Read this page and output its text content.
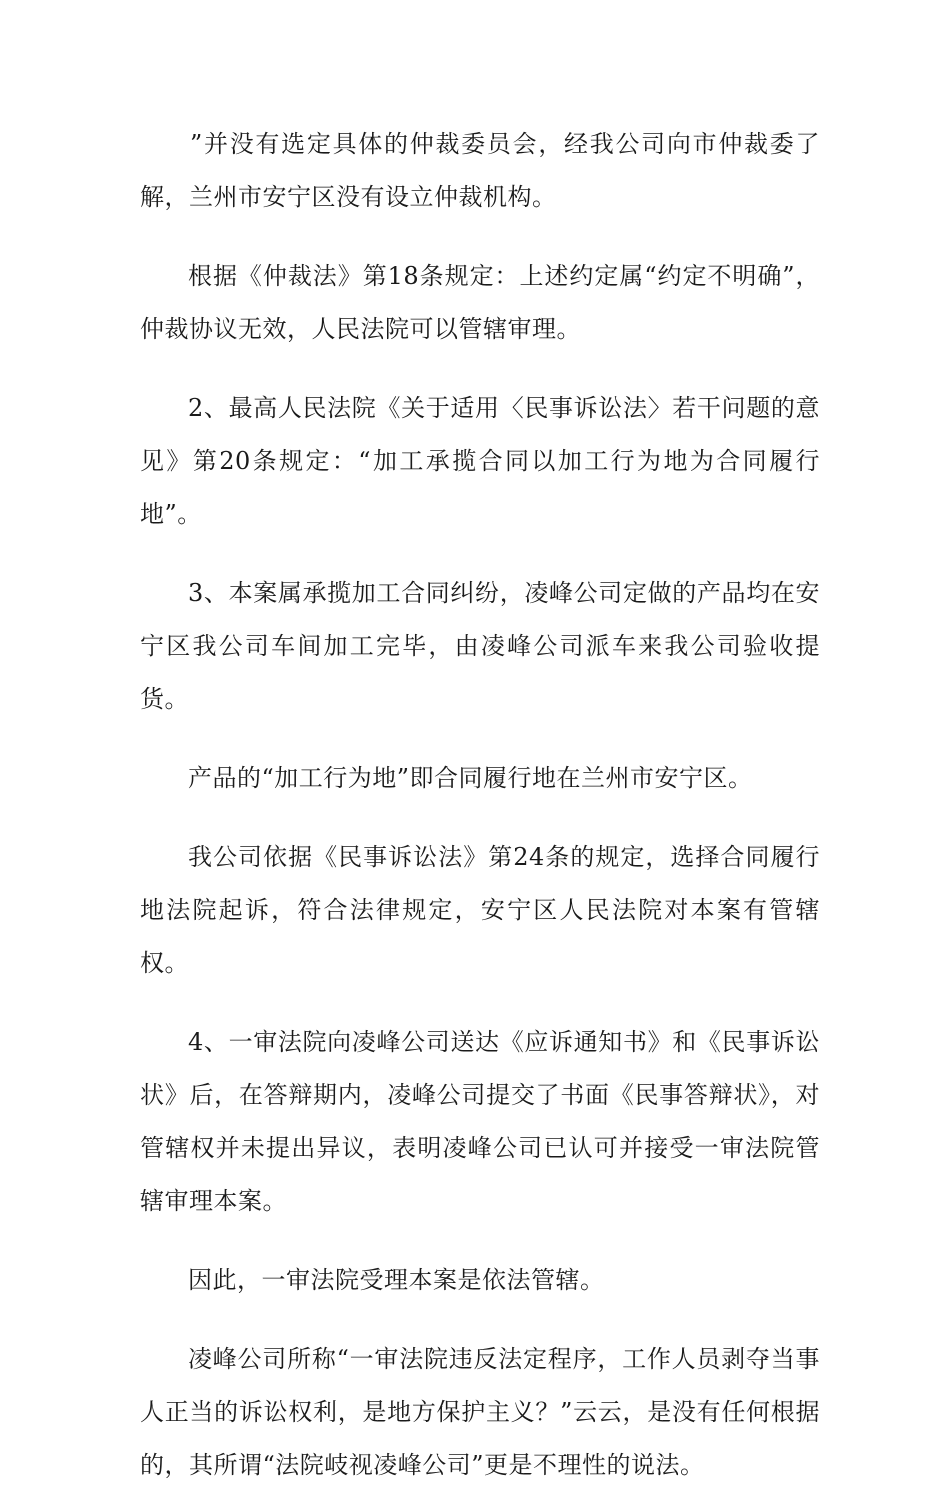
”并没有选定具体的仲裁委员会，经我公司向市仲裁委了解，兰州市安宁区没有设立仲裁机构。

根据《仲裁法》第18条规定：上述约定属“约定不明确”，仲裁协议无效，人民法院可以管辖审理。

2、最高人民法院《关于适用〈民事诉讼法〉若干问题的意见》第20条规定：“加工承揽合同以加工行为地为合同履行地”。

3、本案属承揽加工合同纠纷，凌峰公司定做的产品均在安宁区我公司车间加工完毕，由凌峰公司派车来我公司验收提货。

产品的“加工行为地”即合同履行地在兰州市安宁区。

我公司依据《民事诉讼法》第24条的规定，选择合同履行地法院起诉，符合法律规定，安宁区人民法院对本案有管辖权。

4、一审法院向凌峰公司送达《应诉通知书》和《民事诉讼状》后，在答辩期内，凌峰公司提交了书面《民事答辩状》，对管辖权并未提出异议，表明凌峰公司已认可并接受一审法院管辖审理本案。

因此，一审法院受理本案是依法管辖。

凌峰公司所称“一审法院违反法定程序，工作人员剥夺当事人正当的诉讼权利，是地方保护主义？”云云，是没有任何根据的，其所谓“法院岐视凌峰公司”更是不理性的说法。
